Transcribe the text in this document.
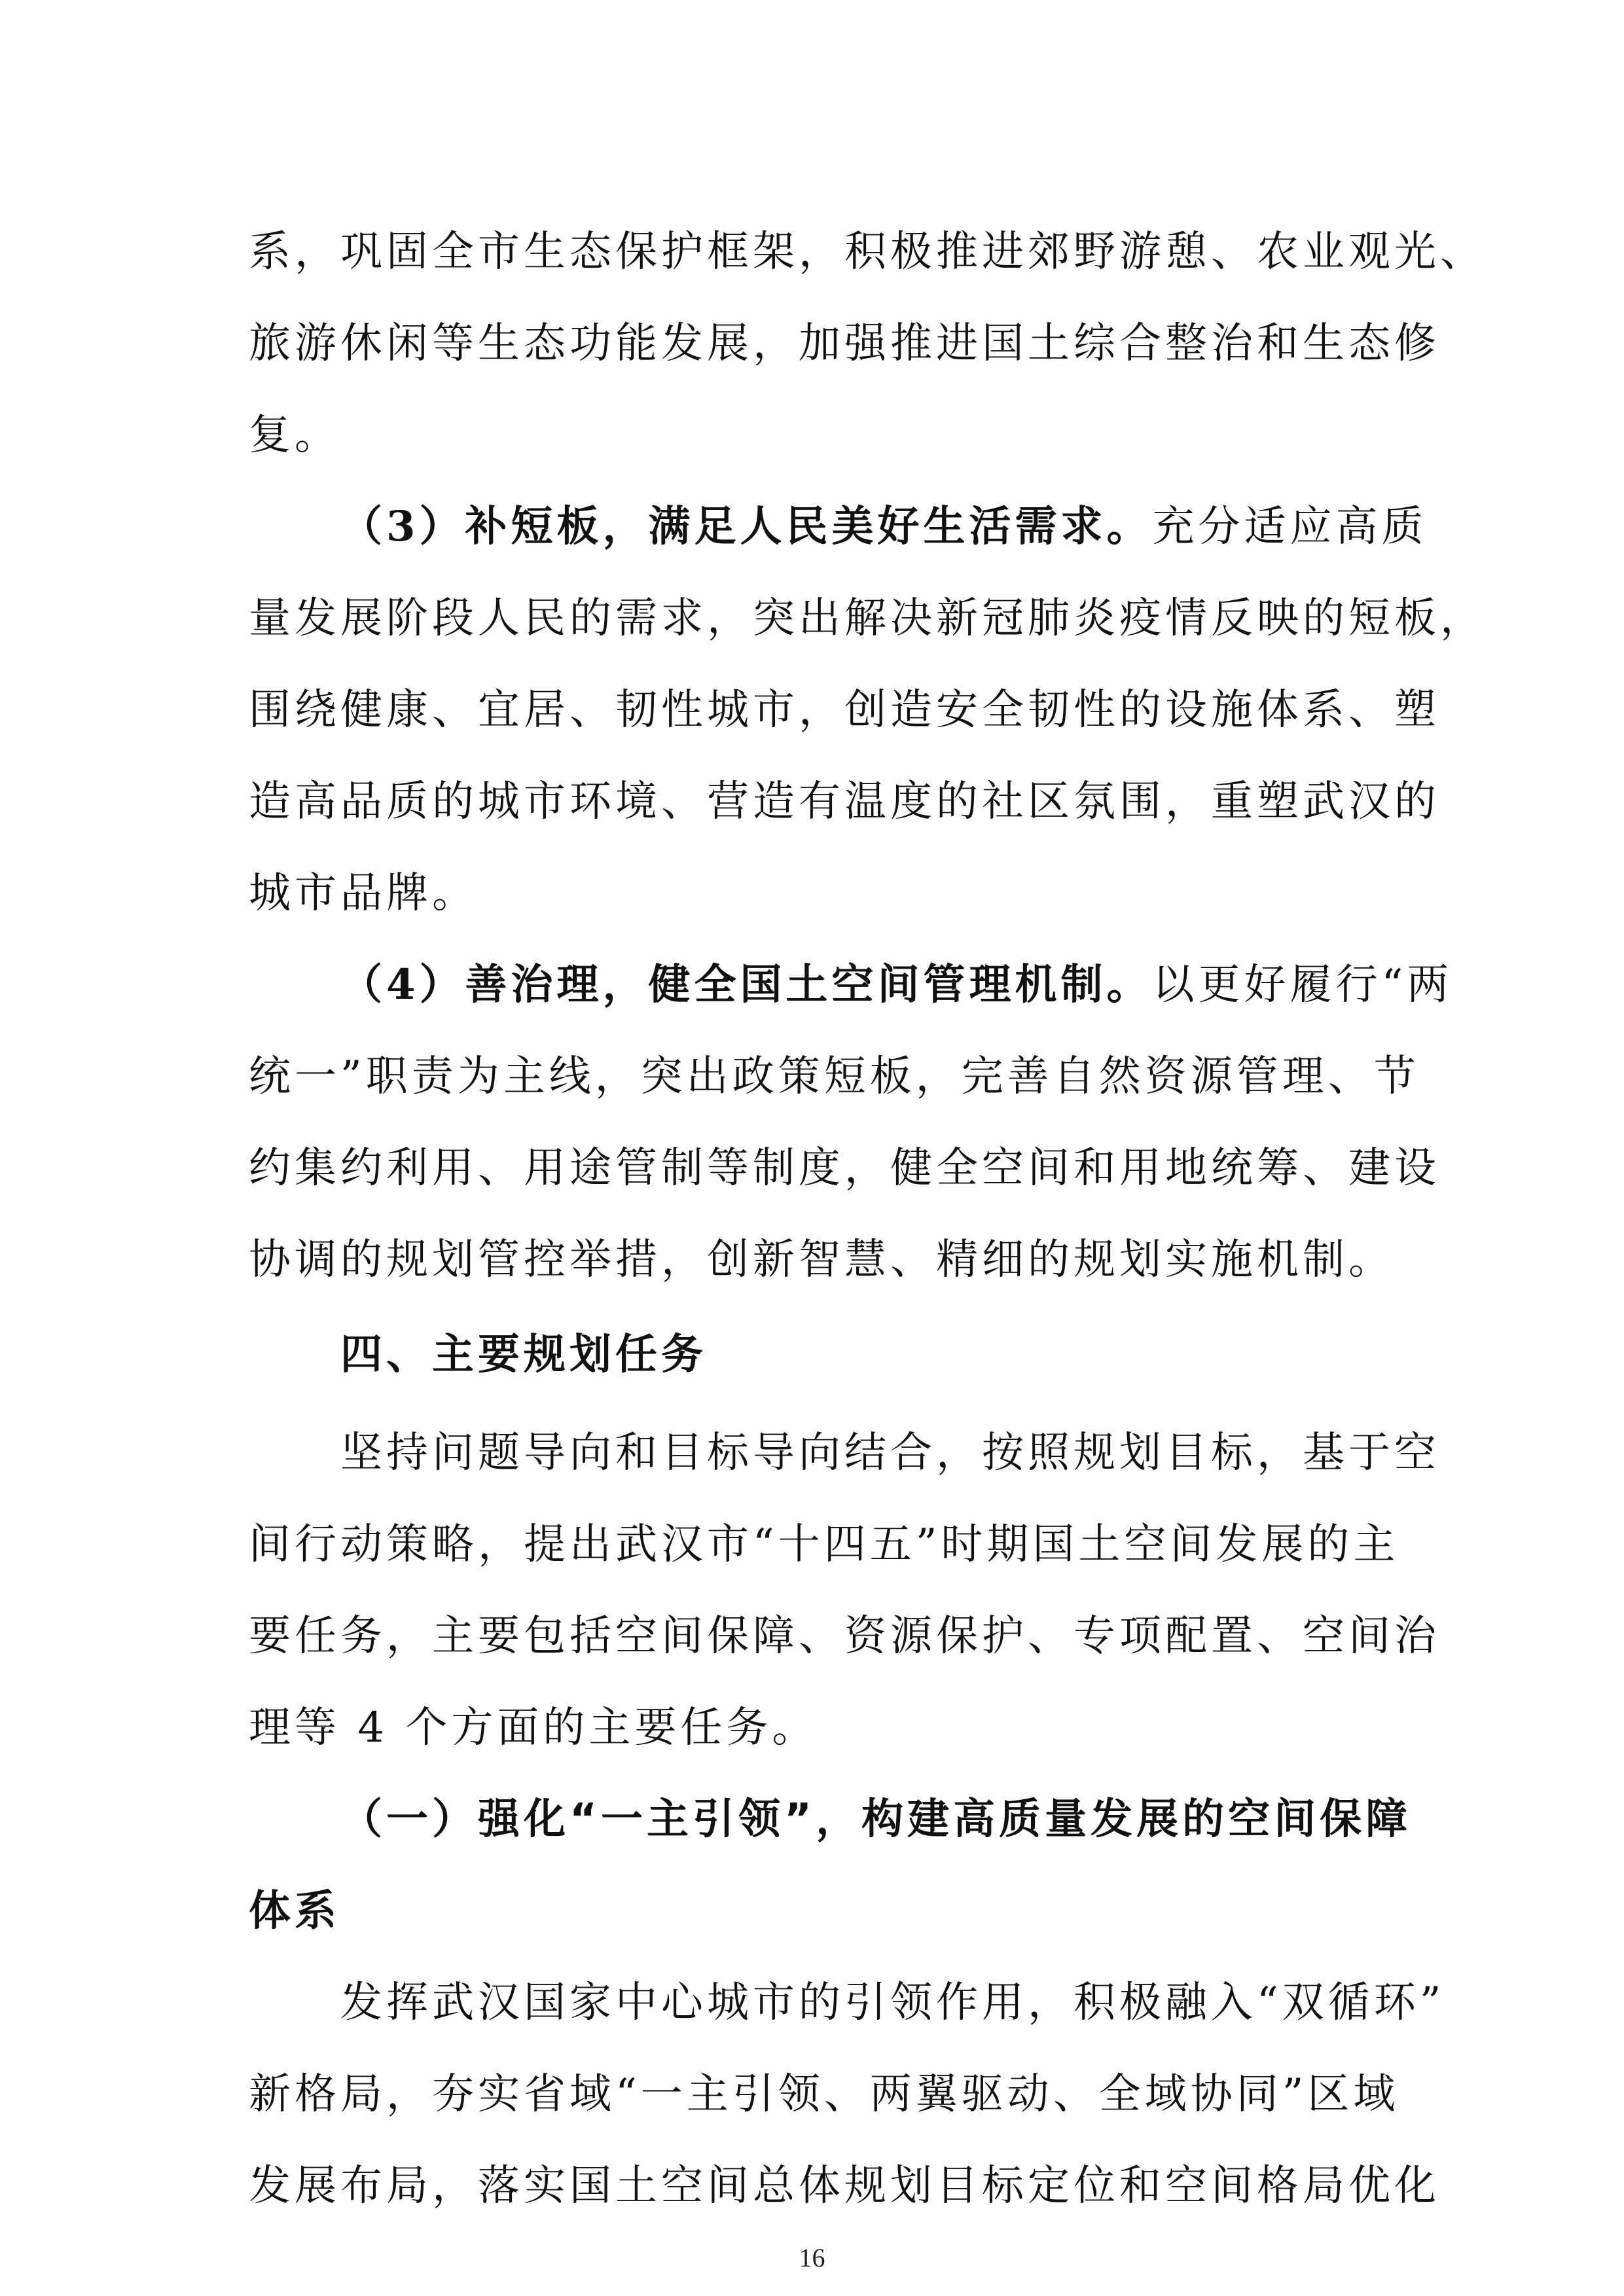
系，巩固全市生态保护框架，积极推进郊野游憩、农业观光、
旅游休闲等生态功能发展，加强推进国土综合整治和生态修
复。
（3）补短板，满足人民美好生活需求。充分适应高质
量发展阶段人民的需求，突出解决新冠肺炎疫情反映的短板，
围绕健康、宜居、韧性城市，创造安全韧性的设施体系、塑
造高品质的城市环境、营造有温度的社区氛围，重塑武汉的
城市品牌。
（4）善治理，健全国土空间管理机制。以更好履行“两
统一”职责为主线，突出政策短板，完善自然资源管理、节
约集约利用、用途管制等制度，健全空间和用地统筹、建设
协调的规划管控举措，创新智慧、精细的规划实施机制。
四、主要规划任务
坚持问题导向和目标导向结合，按照规划目标，基于空
间行动策略，提出武汉市“十四五”时期国土空间发展的主
要任务，主要包括空间保障、资源保护、专项配置、空间治
理等 4 个方面的主要任务。
（一）强化“一主引领”，构建高质量发展的空间保障
体系
发挥武汉国家中心城市的引领作用，积极融入“双循环”
新格局，夯实省域“一主引领、两翼驱动、全域协同”区域
发展布局，落实国土空间总体规划目标定位和空间格局优化
16
